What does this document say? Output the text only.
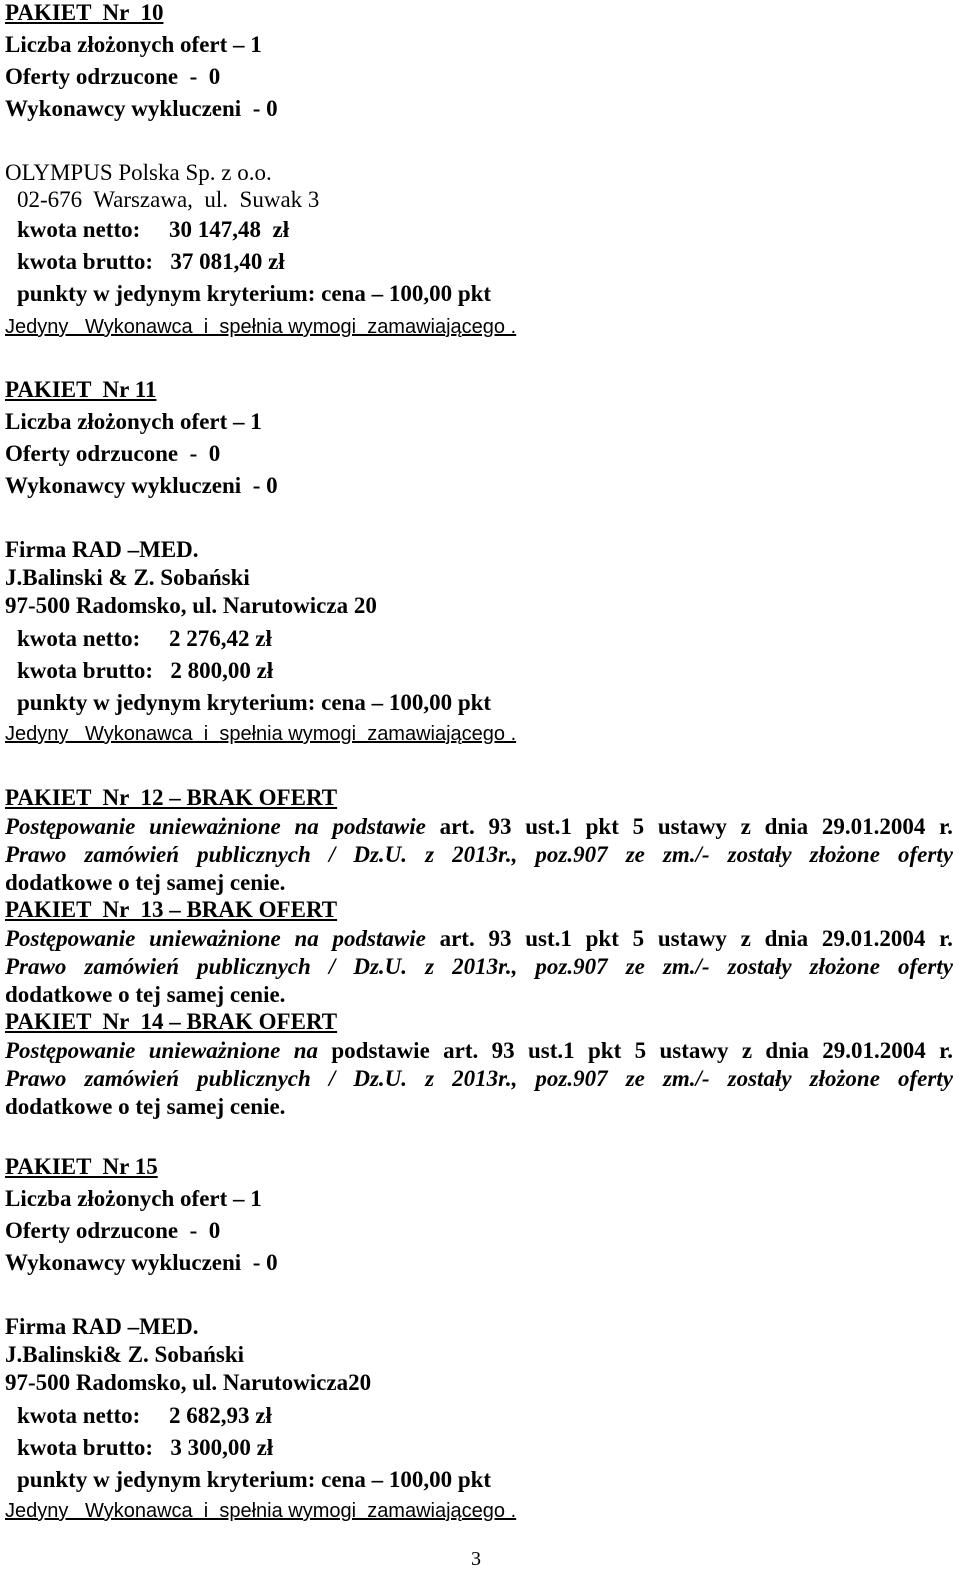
PAKIET  Nr  10
Liczba złożonych ofert – 1
Oferty odrzucone  -  0
Wykonawcy wykluczeni  - 0
OLYMPUS Polska Sp. z o.o.
02-676  Warszawa,  ul.  Suwak 3
kwota netto:     30 147,48  zł
kwota brutto:   37 081,40 zł
punkty w jedynym kryterium: cena – 100,00 pkt
Jedyny   Wykonawca  i  spełnia wymogi  zamawiającego .
PAKIET  Nr 11
Liczba złożonych ofert – 1
Oferty odrzucone  -  0
Wykonawcy wykluczeni  - 0
Firma RAD –MED.
J.Balinski & Z. Sobański
97-500 Radomsko, ul. Narutowicza 20
kwota netto:     2 276,42 zł
kwota brutto:   2 800,00 zł
punkty w jedynym kryterium: cena – 100,00 pkt
Jedyny   Wykonawca  i  spełnia wymogi  zamawiającego .
PAKIET  Nr  12 – BRAK OFERT
Postępowanie unieważnione na podstawie art. 93 ust.1 pkt 5 ustawy z dnia 29.01.2004 r.
Prawo zamówień publicznych / Dz.U. z 2013r., poz.907 ze zm./- zostały złożone oferty
dodatkowe o tej samej cenie.
PAKIET  Nr  13 – BRAK OFERT
Postępowanie unieważnione na podstawie art. 93 ust.1 pkt 5 ustawy z dnia 29.01.2004 r.
Prawo zamówień publicznych / Dz.U. z 2013r., poz.907 ze zm./- zostały złożone oferty
dodatkowe o tej samej cenie.
PAKIET  Nr  14 – BRAK OFERT
Postępowanie unieważnione na podstawie art. 93 ust.1 pkt 5 ustawy z dnia 29.01.2004 r.
Prawo zamówień publicznych / Dz.U. z 2013r., poz.907 ze zm./- zostały złożone oferty
dodatkowe o tej samej cenie.
PAKIET  Nr 15
Liczba złożonych ofert – 1
Oferty odrzucone  -  0
Wykonawcy wykluczeni  - 0
Firma RAD –MED.
J.Balinski& Z. Sobański
97-500 Radomsko, ul. Narutowicza20
kwota netto:     2 682,93 zł
kwota brutto:   3 300,00 zł
punkty w jedynym kryterium: cena – 100,00 pkt
Jedyny   Wykonawca  i  spełnia wymogi  zamawiającego .
3
